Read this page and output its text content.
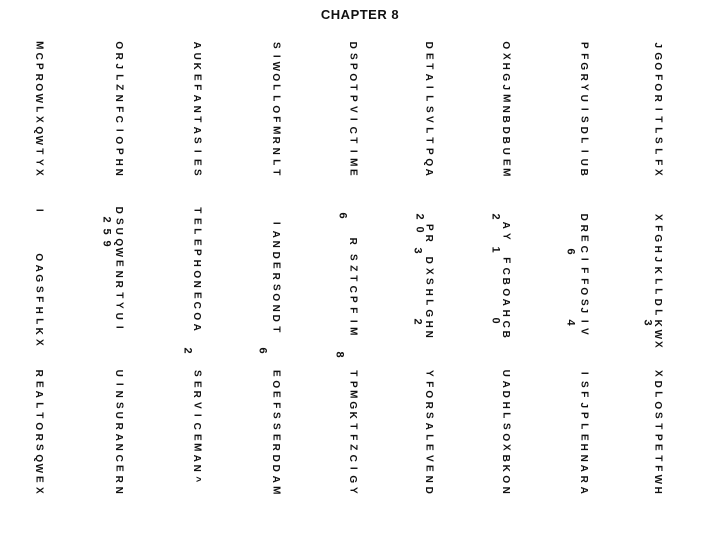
CHAPTER 8
M
C
P
R
O
W
L
X
Q
W
T
Y
X
I
O
A
G
S
F
H
L
K
X
R
E
A
L
T
O
R
S
Q
W
E
X
O
R
J
L
Z
N
F
C
I
O
P
H
N
D
S
U
Q
W
E
N
R
T
Y
U
I
U
I
N
S
U
R
A
N
C
E
R
N
A
U
K
E
F
A
N
T
A
S
I
E
S
T
E
L
E
P
H
O
N
E
C
O
A
S
E
R
V
I
C
E
M
A
N
^
S
I
W
O
L
L
O
F
M
R
N
L
T
I
A
N
D
E
R
S
O
N
D
T
E
O
E
F
S
S
E
R
D
D
A
M
D
S
P
O
T
P
V
I
C
T
I
M
E
R
S
Z
T
C
P
F
I
M
T
P
M
G
K
T
F
Z
C
I
G
Y
D
E
T
A
I
L
S
V
L
T
P
Q
A
P
R
D
X
S
H
L
G
H
N
Y
F
O
R
S
A
L
E
V
E
N
D
O
X
H
G
J
M
N
B
D
B
U
E
M
A
Y
F
C
B
O
A
H
C
B
U
A
D
H
L
S
O
X
B
K
O
N
P
F
G
R
Y
U
I
S
D
L
I
U
B
D
R
E
C
I
F
F
O
S
J
I
V
I
S
F
J
P
L
E
H
N
A
R
A
J
G
O
F
O
R
I
T
L
S
L
F
X
X
F
G
H
J
K
L
L
D
L
K
W
X
X
D
L
O
S
T
P
E
T
F
W
H
2
5
9
2	6
6
8
2
0
3
2
2
1
0
6
4	3
